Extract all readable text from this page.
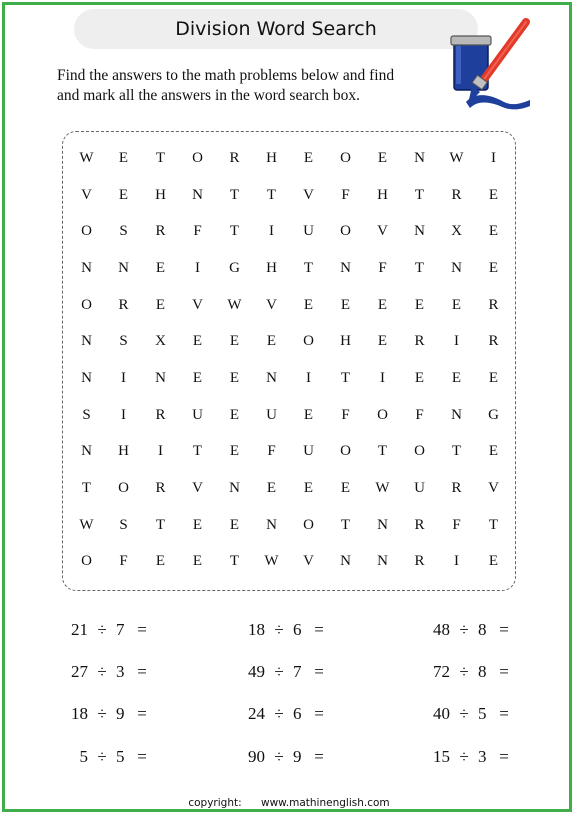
Division Word Search
Find the answers to the math problems below and find
and mark all the answers in the word search box.
W	E	T	O	R	H	E	O	E	N	W	I
V	E	H	N	T	T	V	F	H	T	R	E
O	S	R	F	T	I	U	O	V	N	X	E
N	N	E	I	G	H	T	N	F	T	N	E
O	R	E	V	W	V	E	E	E	E	E	R
N	S	X	E	E	E	O	H	E	R	I	R
N	I	N	E	E	N	I	T	I	E	E	E
S	I	R	U	E	U	E	F	O	F	N	G
N	H	I	T	E	F	U	O	T	O	T	E
T	O	R	V	N	E	E	E	W	U	R	V
W	S	T	E	E	N	O	T	N	R	F	T
O	F	E	E	T	W	V	N	N	R	I	E
21 ÷ 7 =	18 ÷ 6 =	48 ÷ 8 =
27 ÷ 3 =	49 ÷ 7 =	72 ÷ 8 =
18 ÷ 9 =	24 ÷ 6 =	40 ÷ 5 =
5 ÷ 5 =	90 ÷ 9 =	15 ÷ 3 =
copyright: www.mathinenglish.com
